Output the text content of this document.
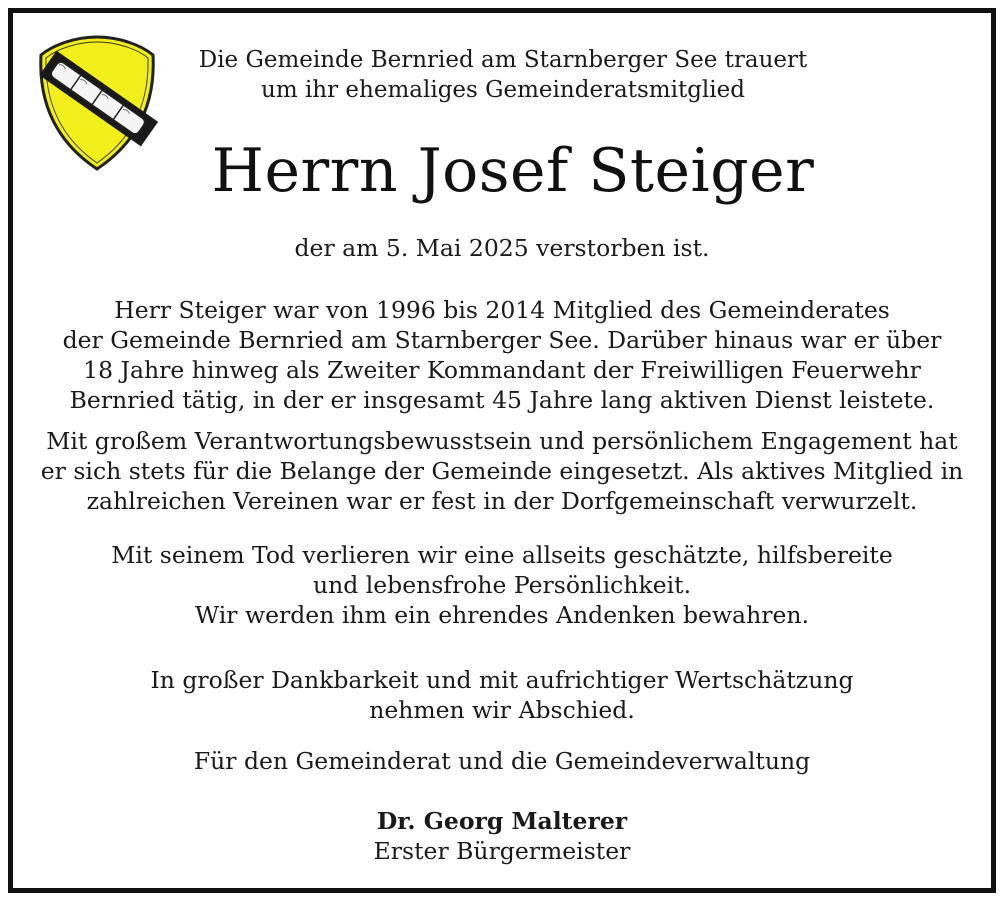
Die Gemeinde Bernried am Starnberger See trauert
um ihr ehemaliges Gemeinderatsmitglied
Herrn Josef Steiger

der am 5. Mai 2025 verstorben ist.

Herr Steiger war von 1996 bis 2014 Mitglied des Gemeinderates
der Gemeinde Bernried am Starnberger See. Darüber hinaus war er über
18 Jahre hinweg als Zweiter Kommandant der Freiwilligen Feuerwehr
Bernried tätig, in der er insgesamt 45 Jahre lang aktiven Dienst leistete.

Mit großem Verantwortungsbewusstsein und persönlichem Engagement hat
er sich stets für die Belange der Gemeinde eingesetzt. Als aktives Mitglied in
zahlreichen Vereinen war er fest in der Dorfgemeinschaft verwurzelt.

Mit seinem Tod verlieren wir eine allseits geschätzte, hilfsbereite
und lebensfrohe Persönlichkeit.
Wir werden ihm ein ehrendes Andenken bewahren.

In großer Dankbarkeit und mit aufrichtiger Wertschätzung
nehmen wir Abschied.

Für den Gemeinderat und die Gemeindeverwaltung

Dr. Georg Malterer
Erster Bürgermeister
